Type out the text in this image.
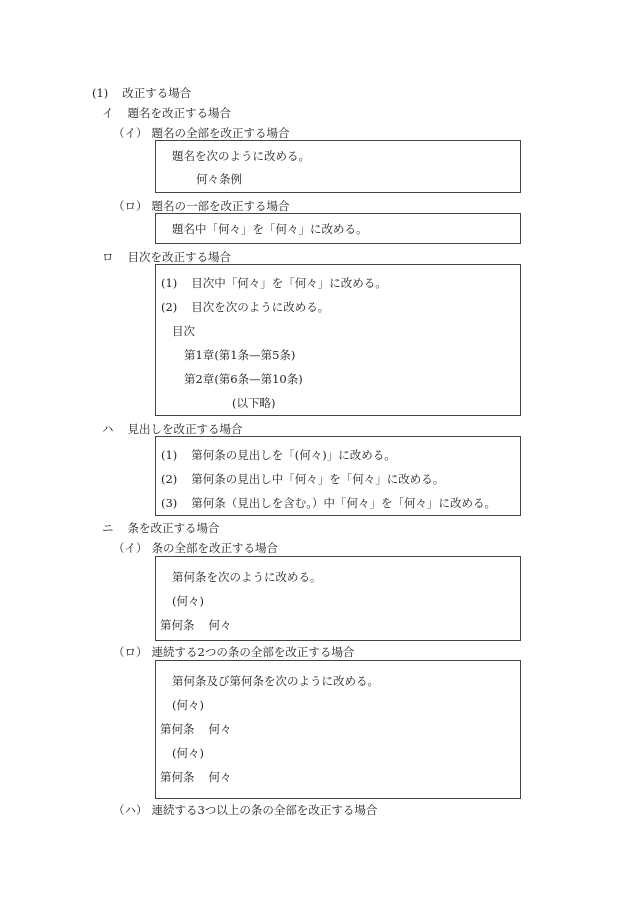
(1) 改正する場合
イ 題名を改正する場合
（イ） 題名の全部を改正する場合
題名を次のように改める。
何々条例
（ロ） 題名の一部を改正する場合
題名中「何々」を「何々」に改める。
ロ 目次を改正する場合
(1) 目次中「何々」を「何々」に改める。
(2) 目次を次のように改める。
目次
第1章(第1条—第5条)
第2章(第6条—第10条)
(以下略)
ハ 見出しを改正する場合
(1) 第何条の見出しを「(何々)」に改める。
(2) 第何条の見出し中「何々」を「何々」に改める。
(3) 第何条（見出しを含む。）中「何々」を「何々」に改める。
ニ 条を改正する場合
（イ） 条の全部を改正する場合
第何条を次のように改める。
(何々)
第何条 何々
（ロ） 連続する2つの条の全部を改正する場合
第何条及び第何条を次のように改める。
(何々)
第何条 何々
(何々)
第何条 何々
（ハ） 連続する3つ以上の条の全部を改正する場合
